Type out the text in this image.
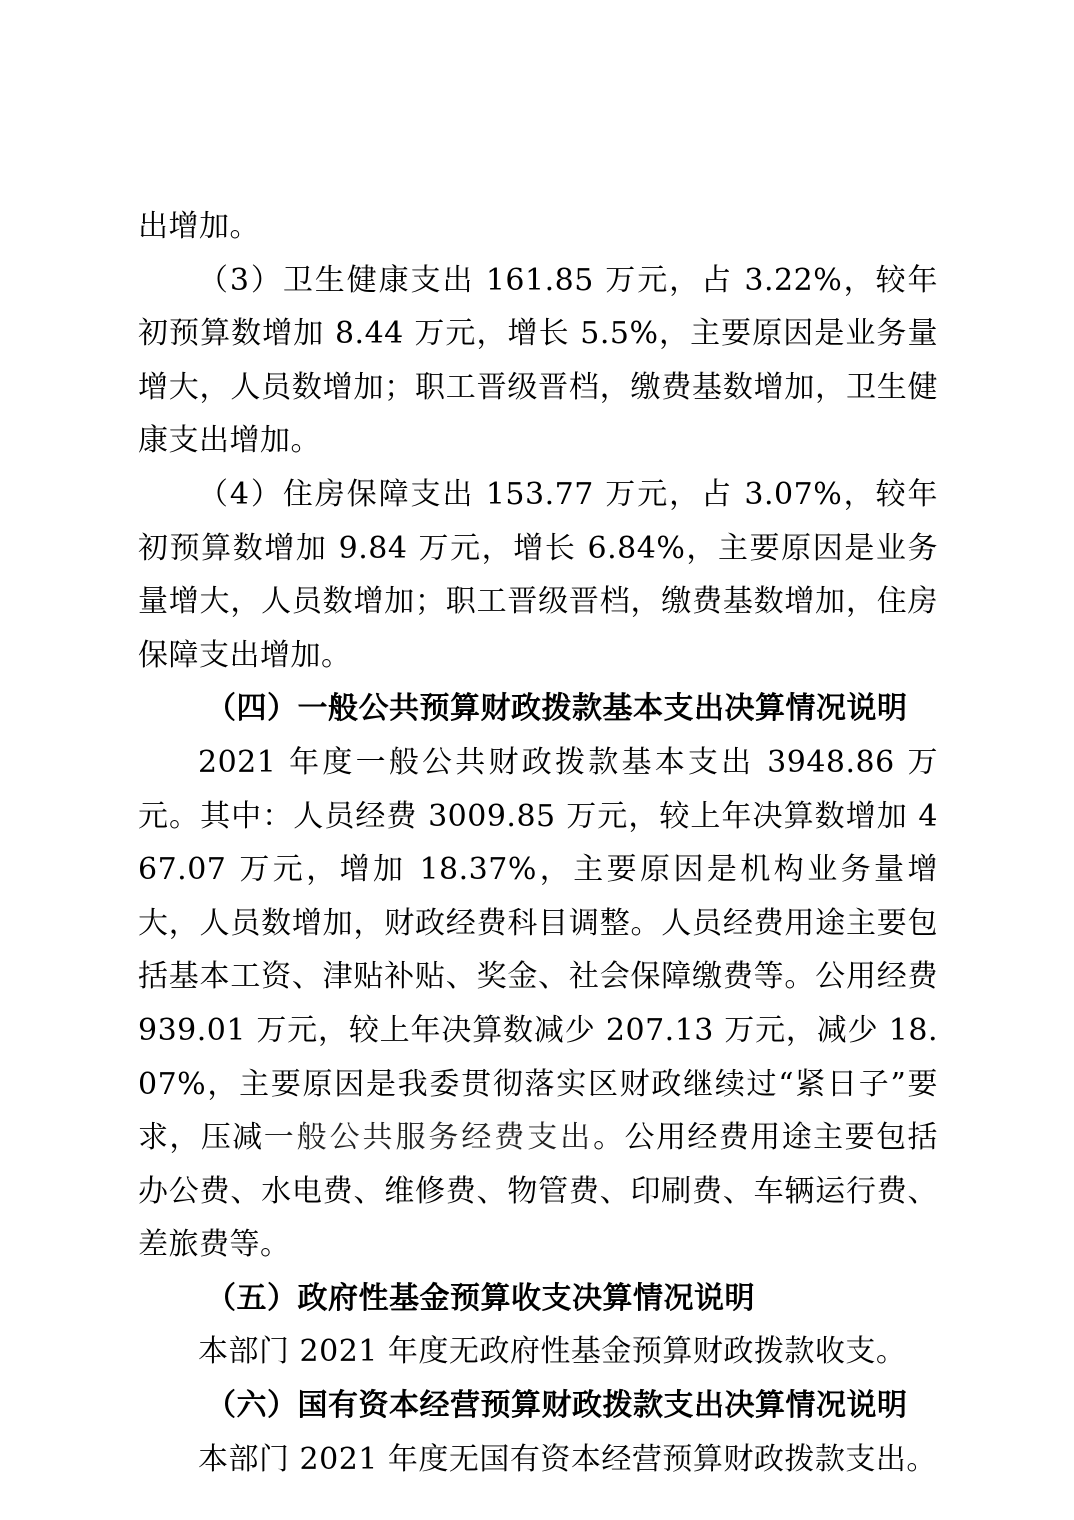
出增加。

（3）卫生健康支出 161.85 万元，占 3.22%，较年初预算数增加 8.44 万元，增长 5.5%，主要原因是业务量增大，人员数增加；职工晋级晋档，缴费基数增加，卫生健康支出增加。

（4）住房保障支出 153.77 万元，占 3.07%，较年初预算数增加 9.84 万元，增长 6.84%，主要原因是业务量增大，人员数增加；职工晋级晋档，缴费基数增加，住房保障支出增加。

（四）一般公共预算财政拨款基本支出决算情况说明

2021 年度一般公共财政拨款基本支出 3948.86 万元。其中：人员经费 3009.85 万元，较上年决算数增加 467.07 万元，增加 18.37%，主要原因是机构业务量增大，人员数增加，财政经费科目调整。人员经费用途主要包括基本工资、津贴补贴、奖金、社会保障缴费等。公用经费 939.01 万元，较上年决算数减少 207.13 万元，减少 18.07%，主要原因是我委贯彻落实区财政继续过“紧日子”要求，压减一般公共服务经费支出。公用经费用途主要包括办公费、水电费、维修费、物管费、印刷费、车辆运行费、差旅费等。

（五）政府性基金预算收支决算情况说明

本部门 2021 年度无政府性基金预算财政拨款收支。

（六）国有资本经营预算财政拨款支出决算情况说明

本部门 2021 年度无国有资本经营预算财政拨款支出。
